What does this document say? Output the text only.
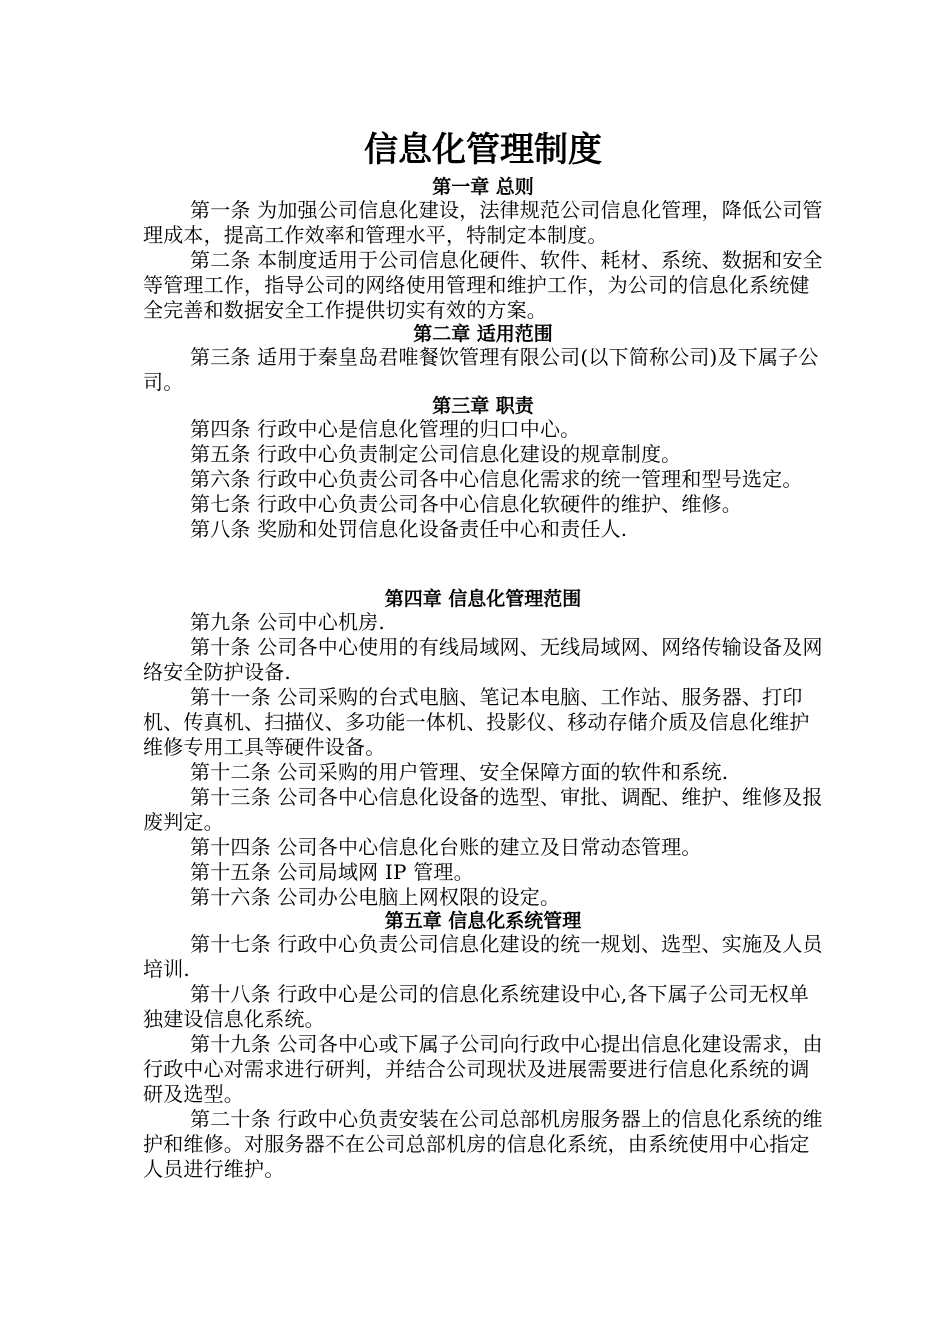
信息化管理制度
第一章 总则

第一条 为加强公司信息化建设，法律规范公司信息化管理，降低公司管理成本，提高工作效率和管理水平，特制定本制度。

第二条 本制度适用于公司信息化硬件、软件、耗材、系统、数据和安全等管理工作，指导公司的网络使用管理和维护工作，为公司的信息化系统健全完善和数据安全工作提供切实有效的方案。

第二章 适用范围

第三条 适用于秦皇岛君唯餐饮管理有限公司(以下简称公司)及下属子公司。

第三章 职责

第四条 行政中心是信息化管理的归口中心。

第五条 行政中心负责制定公司信息化建设的规章制度。

第六条 行政中心负责公司各中心信息化需求的统一管理和型号选定。

第七条 行政中心负责公司各中心信息化软硬件的维护、维修。

第八条 奖励和处罚信息化设备责任中心和责任人.

第四章 信息化管理范围

第九条 公司中心机房.

第十条 公司各中心使用的有线局域网、无线局域网、网络传输设备及网络安全防护设备.

第十一条 公司采购的台式电脑、笔记本电脑、工作站、服务器、打印机、传真机、扫描仪、多功能一体机、投影仪、移动存储介质及信息化维护维修专用工具等硬件设备。

第十二条 公司采购的用户管理、安全保障方面的软件和系统.

第十三条 公司各中心信息化设备的选型、审批、调配、维护、维修及报废判定。

第十四条 公司各中心信息化台账的建立及日常动态管理。

第十五条 公司局域网 IP 管理。

第十六条 公司办公电脑上网权限的设定。

第五章 信息化系统管理

第十七条 行政中心负责公司信息化建设的统一规划、选型、实施及人员培训.

第十八条 行政中心是公司的信息化系统建设中心,各下属子公司无权单独建设信息化系统。

第十九条 公司各中心或下属子公司向行政中心提出信息化建设需求，由行政中心对需求进行研判，并结合公司现状及进展需要进行信息化系统的调研及选型。

第二十条 行政中心负责安装在公司总部机房服务器上的信息化系统的维护和维修。对服务器不在公司总部机房的信息化系统，由系统使用中心指定人员进行维护。
